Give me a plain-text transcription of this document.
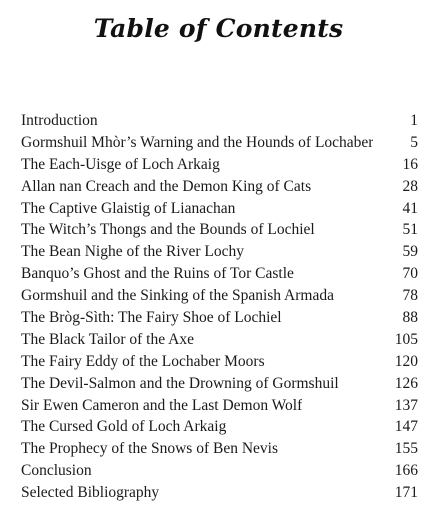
Table of Contents
Introduction	1
Gormshuil Mhòr’s Warning and the Hounds of Lochaber	5
The Each-Uisge of Loch Arkaig	16
Allan nan Creach and the Demon King of Cats	28
The Captive Glaistig of Lianachan	41
The Witch’s Thongs and the Bounds of Lochiel	51
The Bean Nighe of the River Lochy	59
Banquo’s Ghost and the Ruins of Tor Castle	70
Gormshuil and the Sinking of the Spanish Armada	78
The Bròg-Sìth: The Fairy Shoe of Lochiel	88
The Black Tailor of the Axe	105
The Fairy Eddy of the Lochaber Moors	120
The Devil-Salmon and the Drowning of Gormshuil	126
Sir Ewen Cameron and the Last Demon Wolf	137
The Cursed Gold of Loch Arkaig	147
The Prophecy of the Snows of Ben Nevis	155
Conclusion	166
Selected Bibliography	171
